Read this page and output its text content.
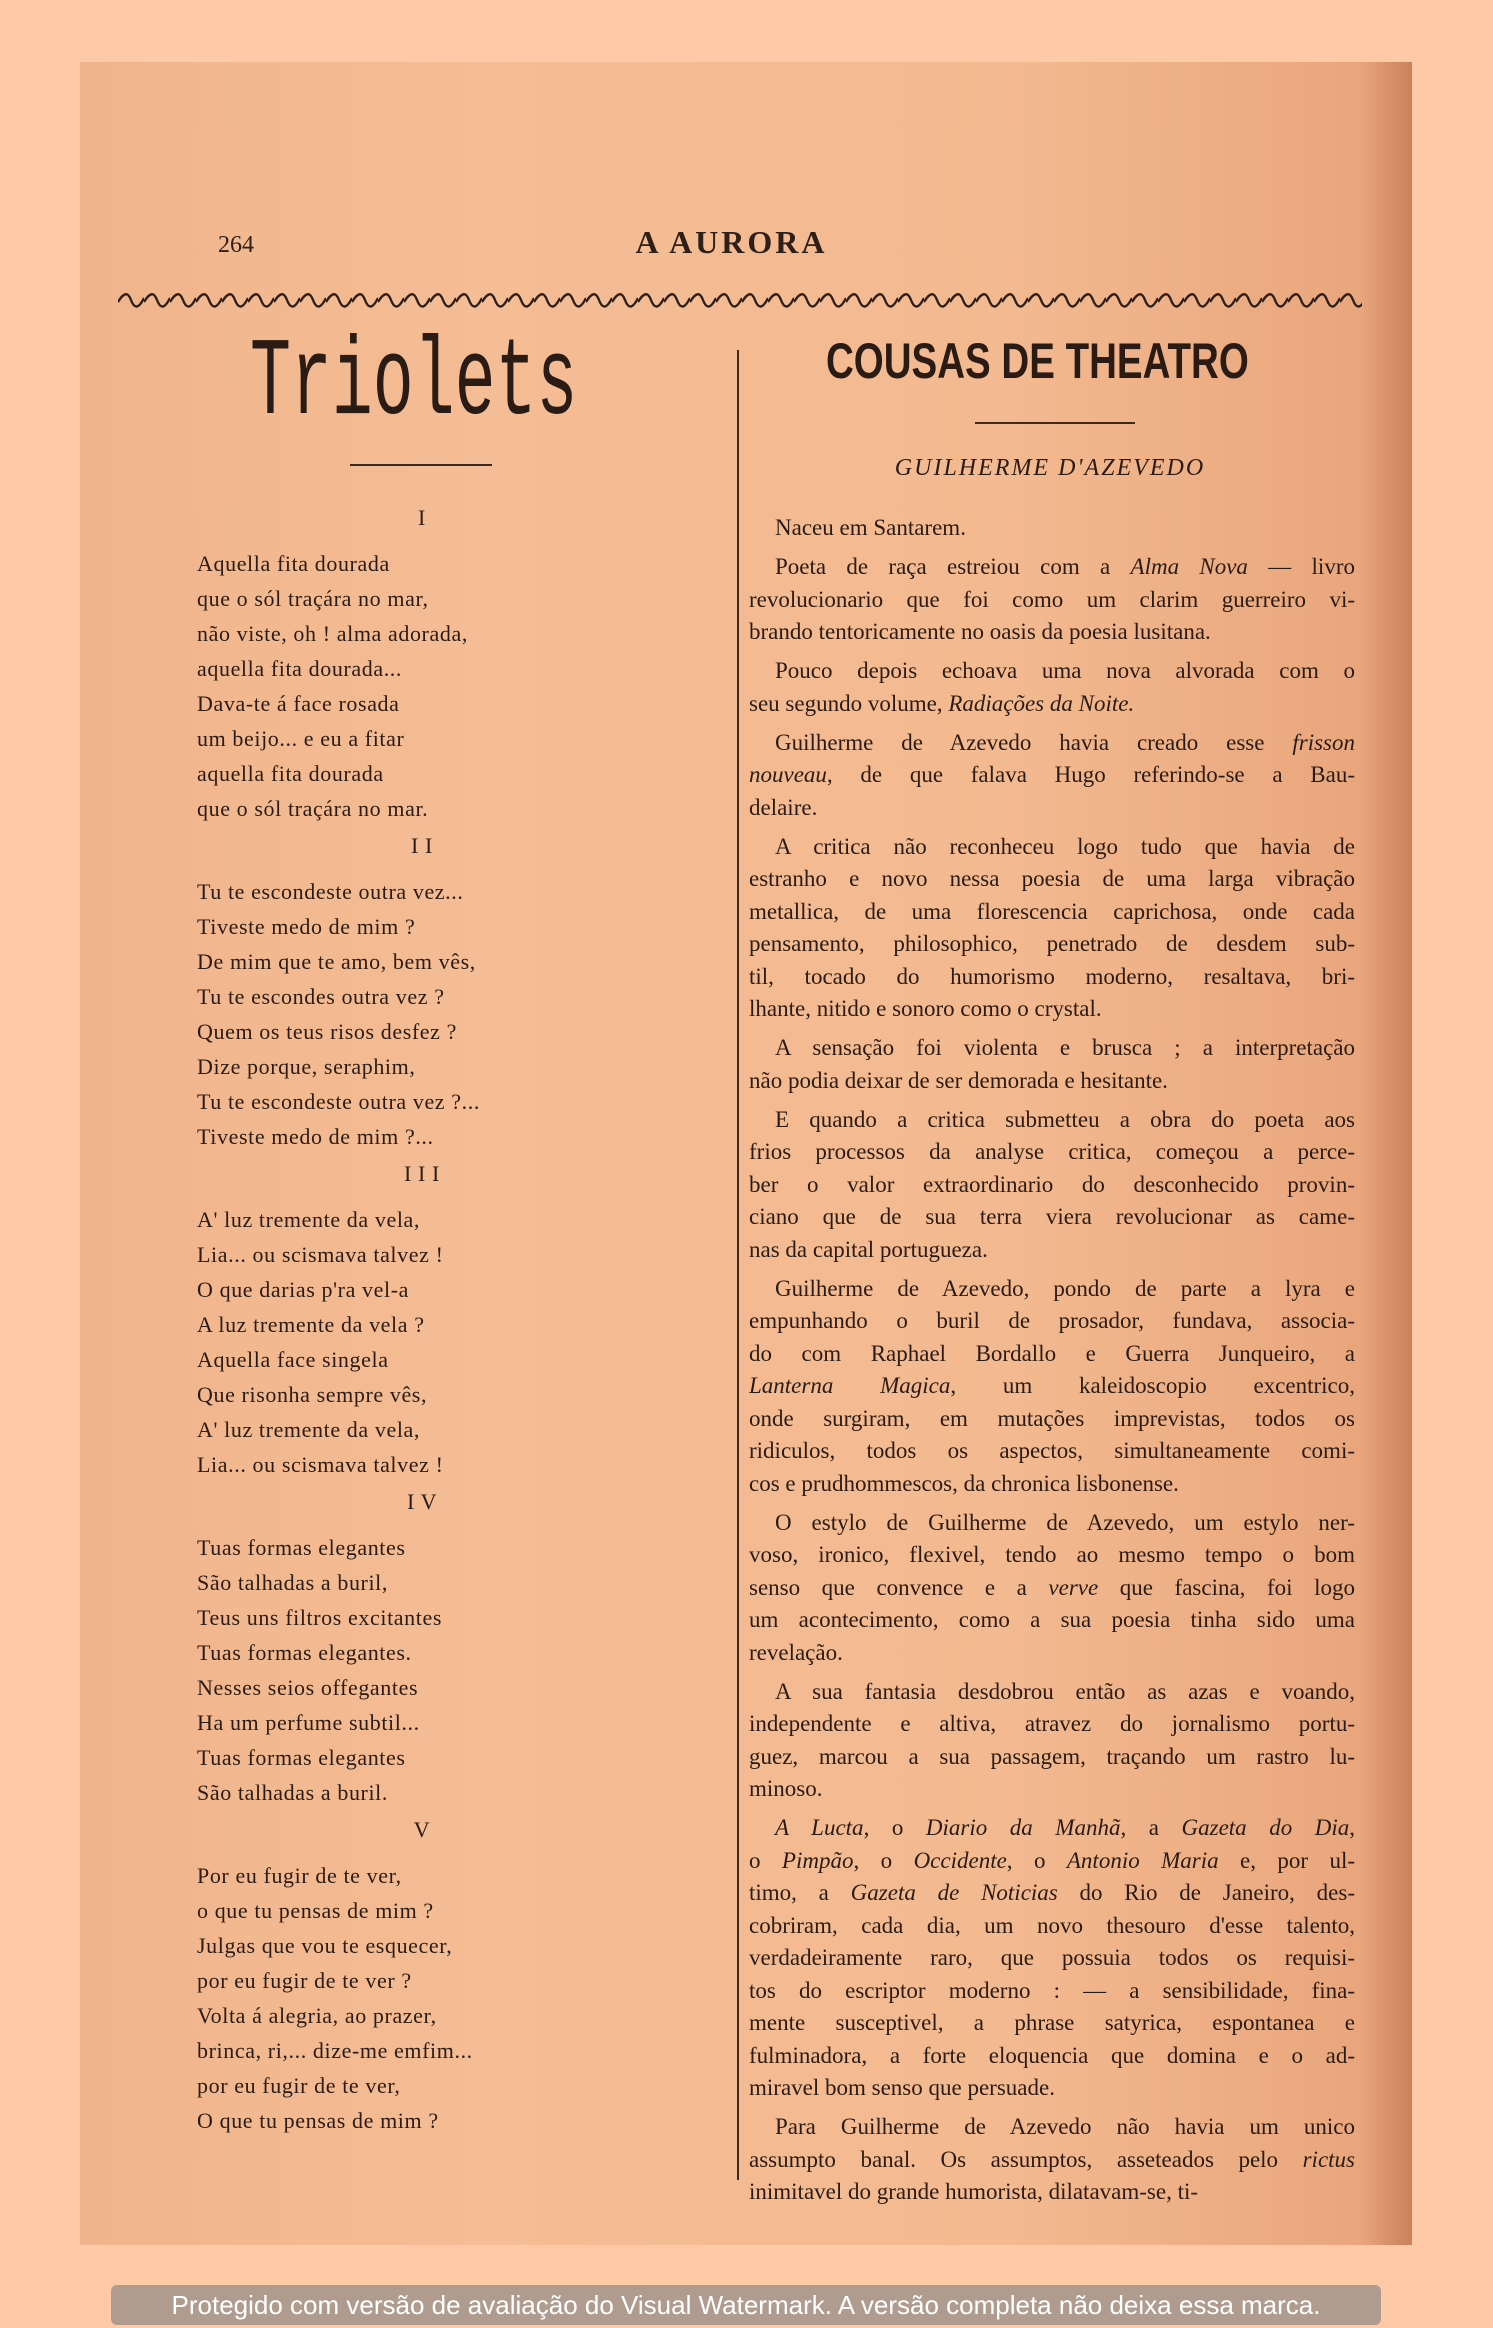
264	A AURORA
Triolets
I
Aquella fita dourada
que o sól traçára no mar,
não viste, oh ! alma adorada,
aquella fita dourada...
Dava-te á face rosada
um beijo... e eu a fitar
aquella fita dourada
que o sól traçára no mar.
I I
Tu te escondeste outra vez...
Tiveste medo de mim ?
De mim que te amo, bem vês,
Tu te escondes outra vez ?
Quem os teus risos desfez ?
Dize porque, seraphim,
Tu te escondeste outra vez ?...
Tiveste medo de mim ?...
I I I
A' luz tremente da vela,
Lia... ou scismava talvez !
O que darias p'ra vel-a
A luz tremente da vela ?
Aquella face singela
Que risonha sempre vês,
A' luz tremente da vela,
Lia... ou scismava talvez !
I V
Tuas formas elegantes
São talhadas a buril,
Teus uns filtros excitantes
Tuas formas elegantes.
Nesses seios offegantes
Ha um perfume subtil...
Tuas formas elegantes
São talhadas a buril.
V
Por eu fugir de te ver,
o que tu pensas de mim ?
Julgas que vou te esquecer,
por eu fugir de te ver ?
Volta á alegria, ao prazer,
brinca, ri,... dize-me emfim...
por eu fugir de te ver,
O que tu pensas de mim ?
COUSAS DE THEATRO
GUILHERME D'AZEVEDO
Naceu em Santarem.
Poeta de raça estreiou com a Alma Nova — livro
revolucionario que foi como um clarim guerreiro vi-
brando tentoricamente no oasis da poesia lusitana.
Pouco depois echoava uma nova alvorada com o
seu segundo volume, Radiações da Noite.
Guilherme de Azevedo havia creado esse frisson
nouveau, de que falava Hugo referindo-se a Bau-
delaire.
A critica não reconheceu logo tudo que havia de
estranho e novo nessa poesia de uma larga vibração
metallica, de uma florescencia caprichosa, onde cada
pensamento, philosophico, penetrado de desdem sub-
til, tocado do humorismo moderno, resaltava, bri-
lhante, nitido e sonoro como o crystal.
A sensação foi violenta e brusca ; a interpretação
não podia deixar de ser demorada e hesitante.
E quando a critica submetteu a obra do poeta aos
frios processos da analyse critica, começou a perce-
ber o valor extraordinario do desconhecido provin-
ciano que de sua terra viera revolucionar as came-
nas da capital portugueza.
Guilherme de Azevedo, pondo de parte a lyra e
empunhando o buril de prosador, fundava, associa-
do com Raphael Bordallo e Guerra Junqueiro, a
Lanterna Magica, um kaleidoscopio excentrico,
onde surgiram, em mutações imprevistas, todos os
ridiculos, todos os aspectos, simultaneamente comi-
cos e prudhommescos, da chronica lisbonense.
O estylo de Guilherme de Azevedo, um estylo ner-
voso, ironico, flexivel, tendo ao mesmo tempo o bom
senso que convence e a verve que fascina, foi logo
um acontecimento, como a sua poesia tinha sido uma
revelação.
A sua fantasia desdobrou então as azas e voando,
independente e altiva, atravez do jornalismo portu-
guez, marcou a sua passagem, traçando um rastro lu-
minoso.
A Lucta, o Diario da Manhã, a Gazeta do Dia,
o Pimpão, o Occidente, o Antonio Maria e, por ul-
timo, a Gazeta de Noticias do Rio de Janeiro, des-
cobriram, cada dia, um novo thesouro d'esse talento,
verdadeiramente raro, que possuia todos os requisi-
tos do escriptor moderno : — a sensibilidade, fina-
mente susceptivel, a phrase satyrica, espontanea e
fulminadora, a forte eloquencia que domina e o ad-
miravel bom senso que persuade.
Para Guilherme de Azevedo não havia um unico
assumpto banal. Os assumptos, asseteados pelo rictus
inimitavel do grande humorista, dilatavam-se, ti-
Protegido com versão de avaliação do Visual Watermark. A versão completa não deixa essa marca.
